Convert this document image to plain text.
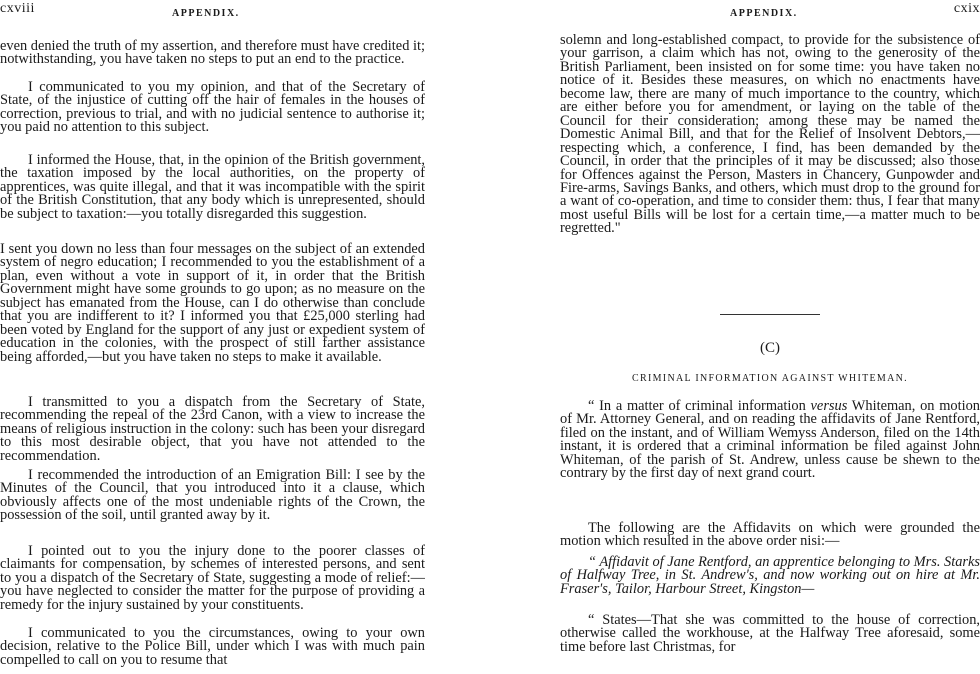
cxviii	APPENDIX.

even denied the truth of my assertion, and therefore must have credited it; notwithstanding, you have taken no steps to put an end to the practice.

I communicated to you my opinion, and that of the Secretary of State, of the injustice of cutting off the hair of females in the houses of correction, previous to trial, and with no judicial sentence to authorise it; you paid no attention to this subject.

I informed the House, that, in the opinion of the British government, the taxation imposed by the local authorities, on the property of apprentices, was quite illegal, and that it was incompatible with the spirit of the British Constitution, that any body which is unrepresented, should be subject to taxation:—you totally disregarded this suggestion.

I sent you down no less than four messages on the subject of an extended system of negro education; I recommended to you the establishment of a plan, even without a vote in support of it, in order that the British Government might have some grounds to go upon; as no measure on the subject has emanated from the House, can I do otherwise than conclude that you are indifferent to it? I informed you that £25,000 sterling had been voted by England for the support of any just or expedient system of education in the colonies, with the prospect of still farther assistance being afforded,—but you have taken no steps to make it available.

I transmitted to you a dispatch from the Secretary of State, recommending the repeal of the 23rd Canon, with a view to increase the means of religious instruction in the colony: such has been your disregard to this most desirable object, that you have not attended to the recommendation.

I recommended the introduction of an Emigration Bill: I see by the Minutes of the Council, that you introduced into it a clause, which obviously affects one of the most undeniable rights of the Crown, the possession of the soil, until granted away by it.

I pointed out to you the injury done to the poorer classes of claimants for compensation, by schemes of interested persons, and sent to you a dispatch of the Secretary of State, suggesting a mode of relief:—you have neglected to consider the matter for the purpose of providing a remedy for the injury sustained by your constituents.

I communicated to you the circumstances, owing to your own decision, relative to the Police Bill, under which I was with much pain compelled to call on you to resume that

APPENDIX.	cxix

solemn and long-established compact, to provide for the subsistence of your garrison, a claim which has not, owing to the generosity of the British Parliament, been insisted on for some time: you have taken no notice of it. Besides these measures, on which no enactments have become law, there are many of much importance to the country, which are either before you for amendment, or laying on the table of the Council for their consideration; among these may be named the Domestic Animal Bill, and that for the Relief of Insolvent Debtors,—respecting which, a conference, I find, has been demanded by the Council, in order that the principles of it may be discussed; also those for Offences against the Person, Masters in Chancery, Gunpowder and Fire-arms, Savings Banks, and others, which must drop to the ground for a want of co-operation, and time to consider them: thus, I fear that many most useful Bills will be lost for a certain time,—a matter much to be regretted."

(C)
CRIMINAL INFORMATION AGAINST WHITEMAN.

“ In a matter of criminal information versus Whiteman, on motion of Mr. Attorney General, and on reading the affidavits of Jane Rentford, filed on the instant, and of William Wemyss Anderson, filed on the 14th instant, it is ordered that a criminal information be filed against John Whiteman, of the parish of St. Andrew, unless cause be shewn to the contrary by the first day of next grand court.

The following are the Affidavits on which were grounded the motion which resulted in the above order nisi:—

“ Affidavit of Jane Rentford, an apprentice belonging to Mrs. Starks of Halfway Tree, in St. Andrew's, and now working out on hire at Mr. Fraser's, Tailor, Harbour Street, Kingston—

“ States—That she was committed to the house of correction, otherwise called the workhouse, at the Halfway Tree aforesaid, some time before last Christmas, for
